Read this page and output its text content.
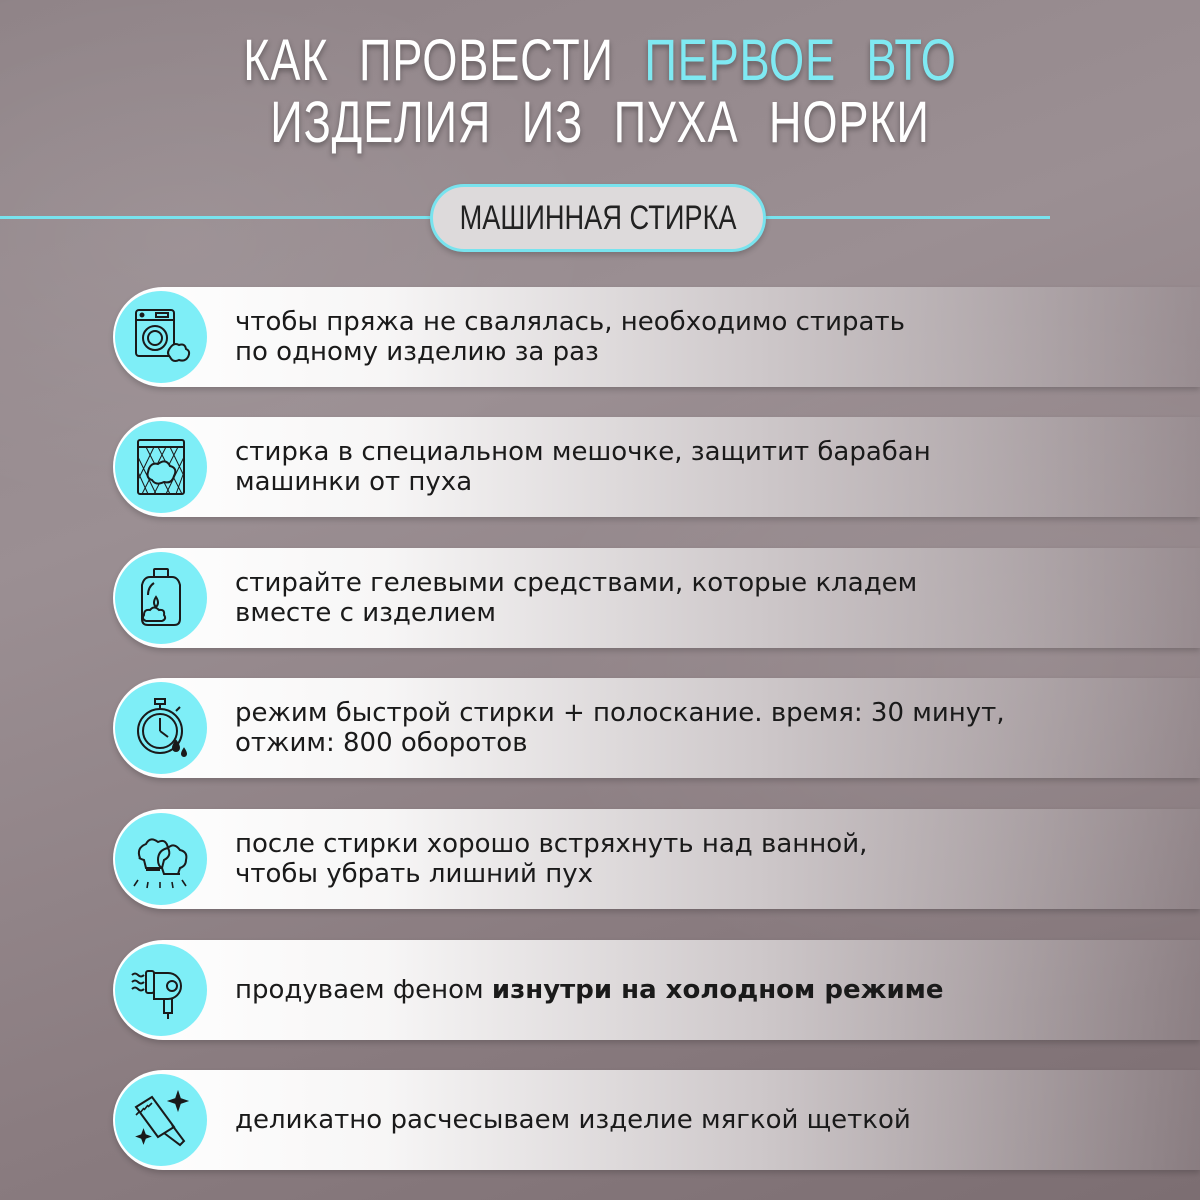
КАК ПРОВЕСТИ ПЕРВОЕ ВТО
ИЗДЕЛИЯ ИЗ ПУХА НОРКИ
МАШИННАЯ СТИРКА
чтобы пряжа не свалялась, необходимо стирать
по одному изделию за раз
стирка в специальном мешочке, защитит барабан
машинки от пуха
стирайте гелевыми средствами, которые кладем
вместе с изделием
режим быстрой стирки + полоскание. время: 30 минут,
отжим: 800 оборотов
после стирки хорошо встряхнуть над ванной,
чтобы убрать лишний пух
продуваем феном изнутри на холодном режиме
деликатно расчесываем изделие мягкой щеткой
